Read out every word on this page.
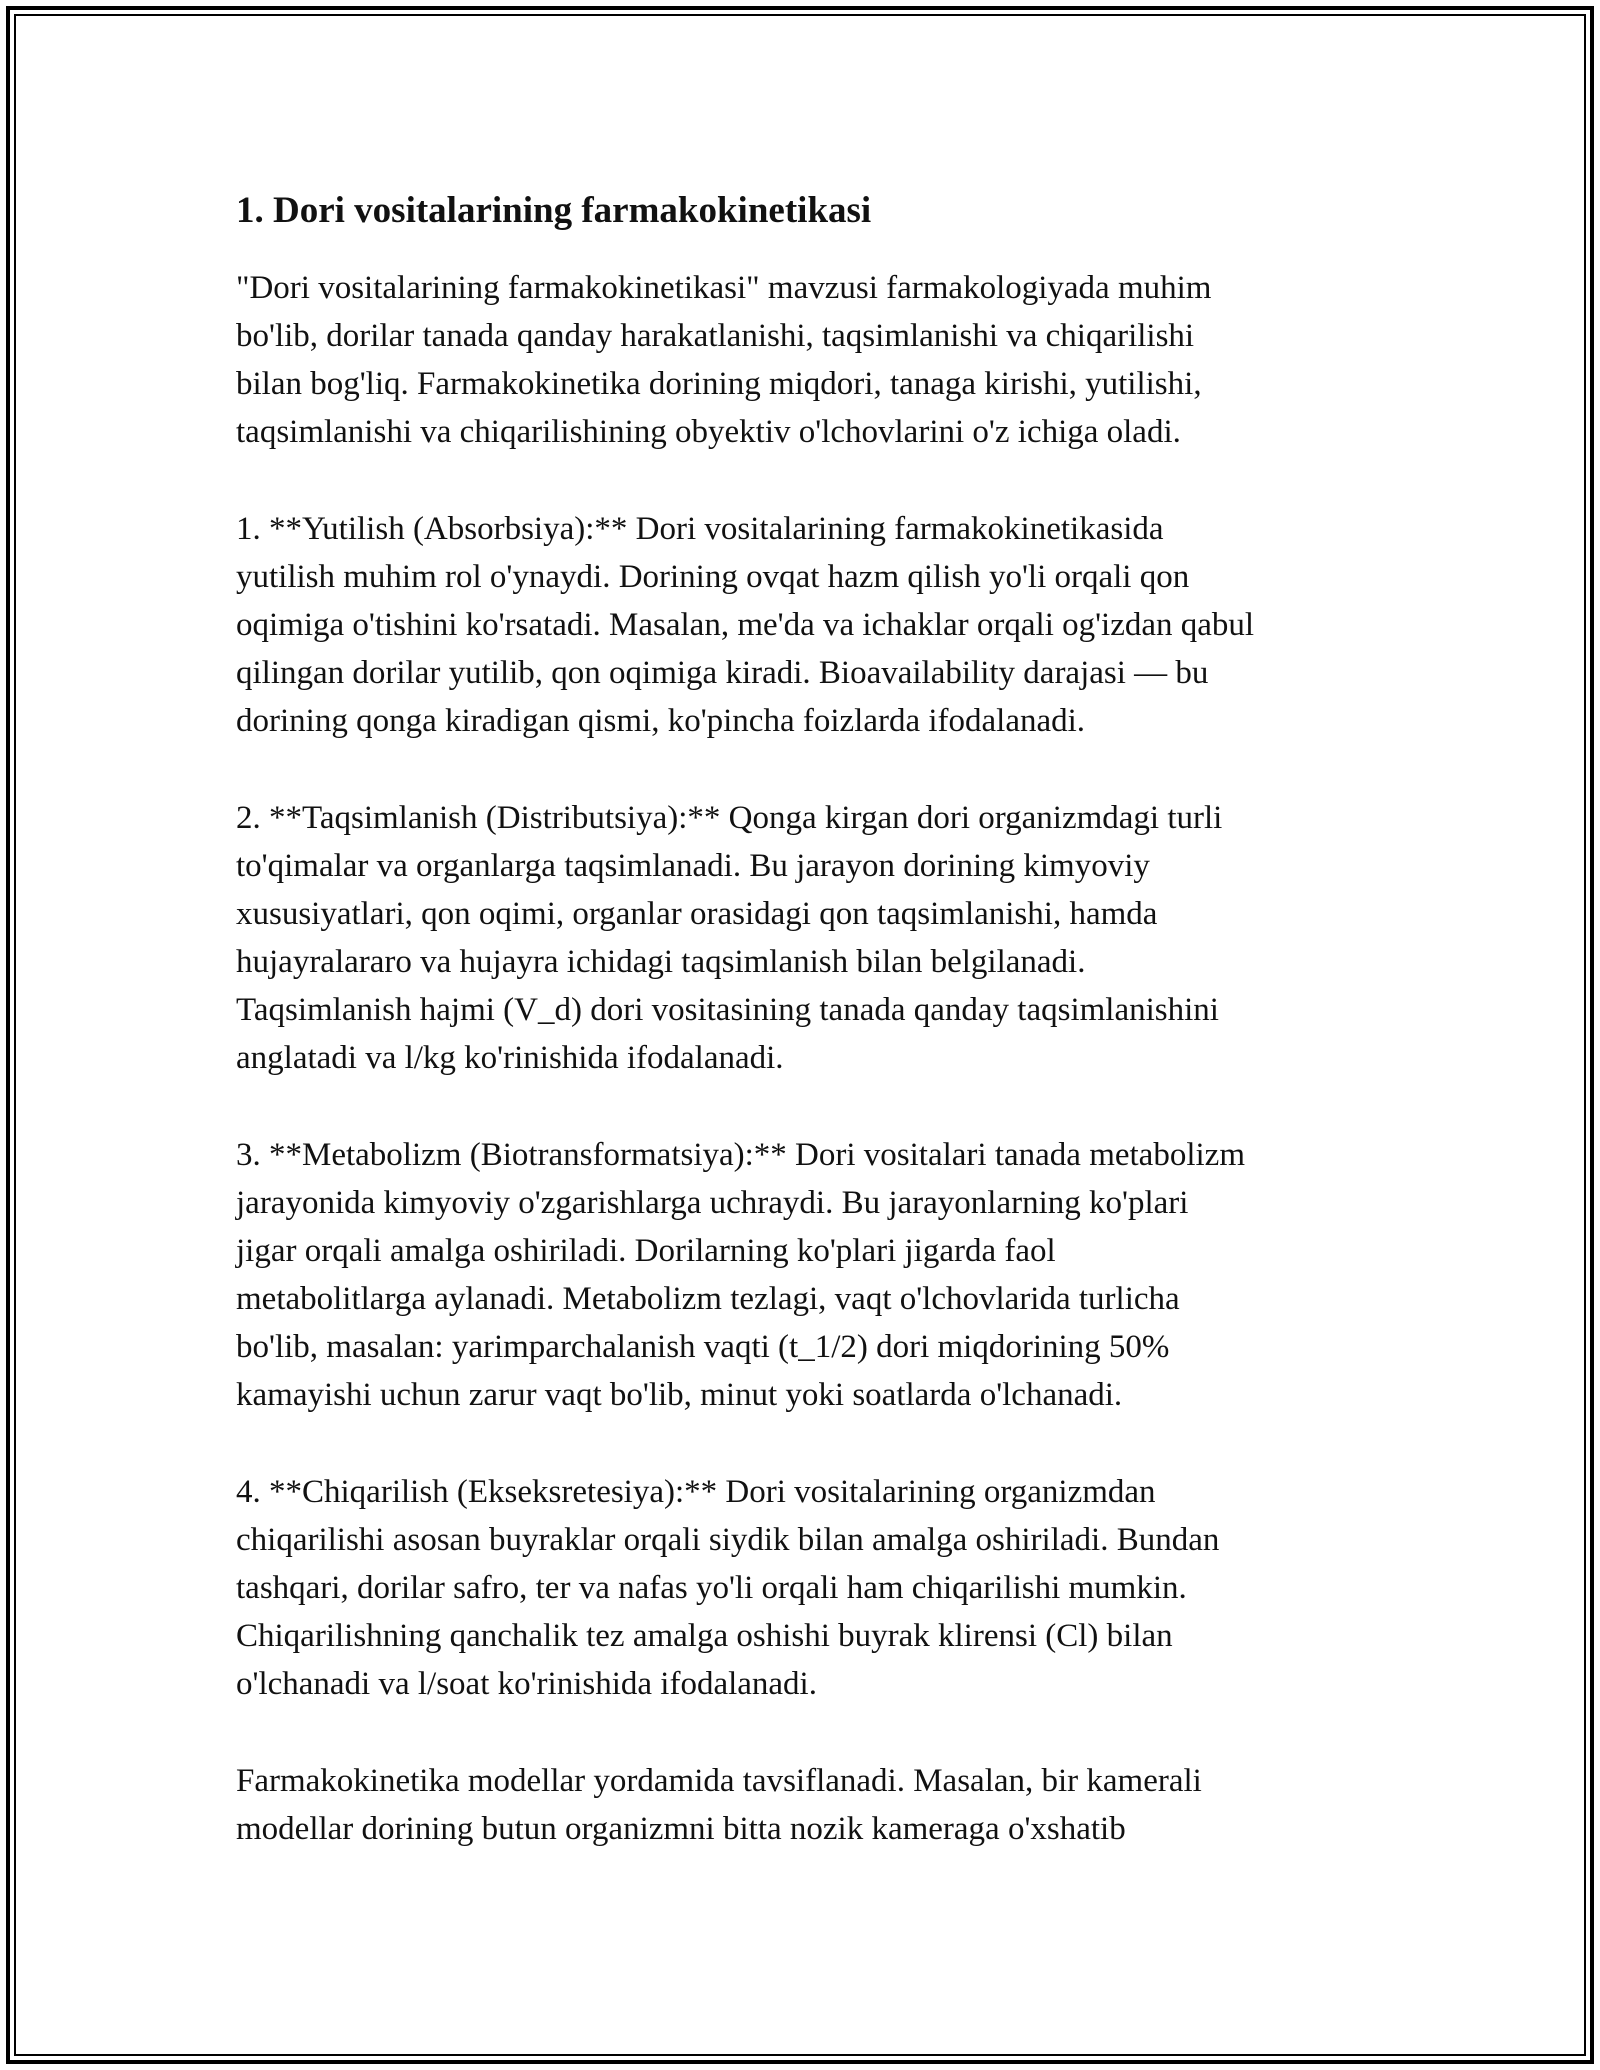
1. Dori vositalarining farmakokinetikasi

"Dori vositalarining farmakokinetikasi" mavzusi farmakologiyada muhim
bo'lib, dorilar tanada qanday harakatlanishi, taqsimlanishi va chiqarilishi
bilan bog'liq. Farmakokinetika dorining miqdori, tanaga kirishi, yutilishi,
taqsimlanishi va chiqarilishining obyektiv o'lchovlarini o'z ichiga oladi.

1. **Yutilish (Absorbsiya):** Dori vositalarining farmakokinetikasida
yutilish muhim rol o'ynaydi. Dorining ovqat hazm qilish yo'li orqali qon
oqimiga o'tishini ko'rsatadi. Masalan, me'da va ichaklar orqali og'izdan qabul
qilingan dorilar yutilib, qon oqimiga kiradi. Bioavailability darajasi — bu
dorining qonga kiradigan qismi, ko'pincha foizlarda ifodalanadi.

2. **Taqsimlanish (Distributsiya):** Qonga kirgan dori organizmdagi turli
to'qimalar va organlarga taqsimlanadi. Bu jarayon dorining kimyoviy
xususiyatlari, qon oqimi, organlar orasidagi qon taqsimlanishi, hamda
hujayralararo va hujayra ichidagi taqsimlanish bilan belgilanadi.
Taqsimlanish hajmi (V_d) dori vositasining tanada qanday taqsimlanishini
anglatadi va l/kg ko'rinishida ifodalanadi.

3. **Metabolizm (Biotransformatsiya):** Dori vositalari tanada metabolizm
jarayonida kimyoviy o'zgarishlarga uchraydi. Bu jarayonlarning ko'plari
jigar orqali amalga oshiriladi. Dorilarning ko'plari jigarda faol
metabolitlarga aylanadi. Metabolizm tezlagi, vaqt o'lchovlarida turlicha
bo'lib, masalan: yarimparchalanish vaqti (t_1/2) dori miqdorining 50%
kamayishi uchun zarur vaqt bo'lib, minut yoki soatlarda o'lchanadi.

4. **Chiqarilish (Ekseksretesiya):** Dori vositalarining organizmdan
chiqarilishi asosan buyraklar orqali siydik bilan amalga oshiriladi. Bundan
tashqari, dorilar safro, ter va nafas yo'li orqali ham chiqarilishi mumkin.
Chiqarilishning qanchalik tez amalga oshishi buyrak klirensi (Cl) bilan
o'lchanadi va l/soat ko'rinishida ifodalanadi.

Farmakokinetika modellar yordamida tavsiflanadi. Masalan, bir kamerali
modellar dorining butun organizmni bitta nozik kameraga o'xshatib
